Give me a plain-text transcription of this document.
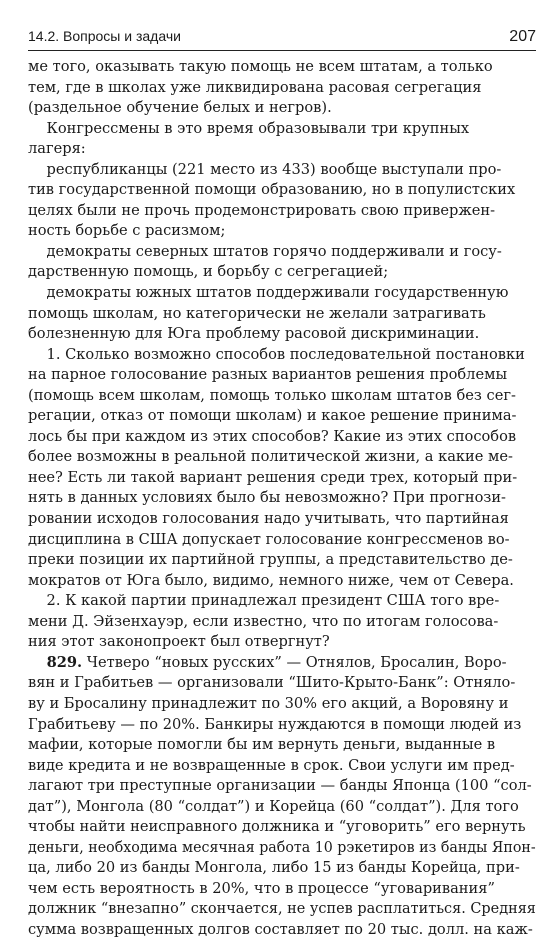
14.2. Вопросы и задачи	207
ме того, оказывать такую помощь не всем штатам, а только
тем, где в школах уже ликвидирована расовая сегрегация
(раздельное обучение белых и негров).
Конгрессмены в это время образовывали три крупных
лагеря:
республиканцы (221 место из 433) вообще выступали про-
тив государственной помощи образованию, но в популистских
целях были не прочь продемонстрировать свою привержен-
ность борьбе с расизмом;
демократы северных штатов горячо поддерживали и госу-
дарственную помощь, и борьбу с сегрегацией;
демократы южных штатов поддерживали государственную
помощь школам, но категорически не желали затрагивать
болезненную для Юга проблему расовой дискриминации.
1. Сколько возможно способов последовательной постановки
на парное голосование разных вариантов решения проблемы
(помощь всем школам, помощь только школам штатов без сег-
регации, отказ от помощи школам) и какое решение принима-
лось бы при каждом из этих способов? Какие из этих способов
более возможны в реальной политической жизни, а какие ме-
нее? Есть ли такой вариант решения среди трех, который при-
нять в данных условиях было бы невозможно? При прогнози-
ровании исходов голосования надо учитывать, что партийная
дисциплина в США допускает голосование конгрессменов во-
преки позиции их партийной группы, а представительство де-
мократов от Юга было, видимо, немного ниже, чем от Севера.
2. К какой партии принадлежал президент США того вре-
мени Д. Эйзенхауэр, если известно, что по итогам голосова-
ния этот законопроект был отвергнут?
829. Четверо “новых русских” — Отнялов, Бросалин, Воро-
вян и Грабитьев — организовали “Шито-Крыто-Банк”: Отняло-
ву и Бросалину принадлежит по 30% его акций, а Воровяну и
Грабитьеву — по 20%. Банкиры нуждаются в помощи людей из
мафии, которые помогли бы им вернуть деньги, выданные в
виде кредита и не возвращенные в срок. Свои услуги им пред-
лагают три преступные организации — банды Японца (100 “сол-
дат”), Монгола (80 “солдат”) и Корейца (60 “солдат”). Для того
чтобы найти неисправного должника и “уговорить” его вернуть
деньги, необходима месячная работа 10 рэкетиров из банды Япон-
ца, либо 20 из банды Монгола, либо 15 из банды Корейца, при-
чем есть вероятность в 20%, что в процессе “уговаривания”
должник “внезапно” скончается, не успев расплатиться. Средняя
сумма возвращенных долгов составляет по 20 тыс. долл. на каж-
